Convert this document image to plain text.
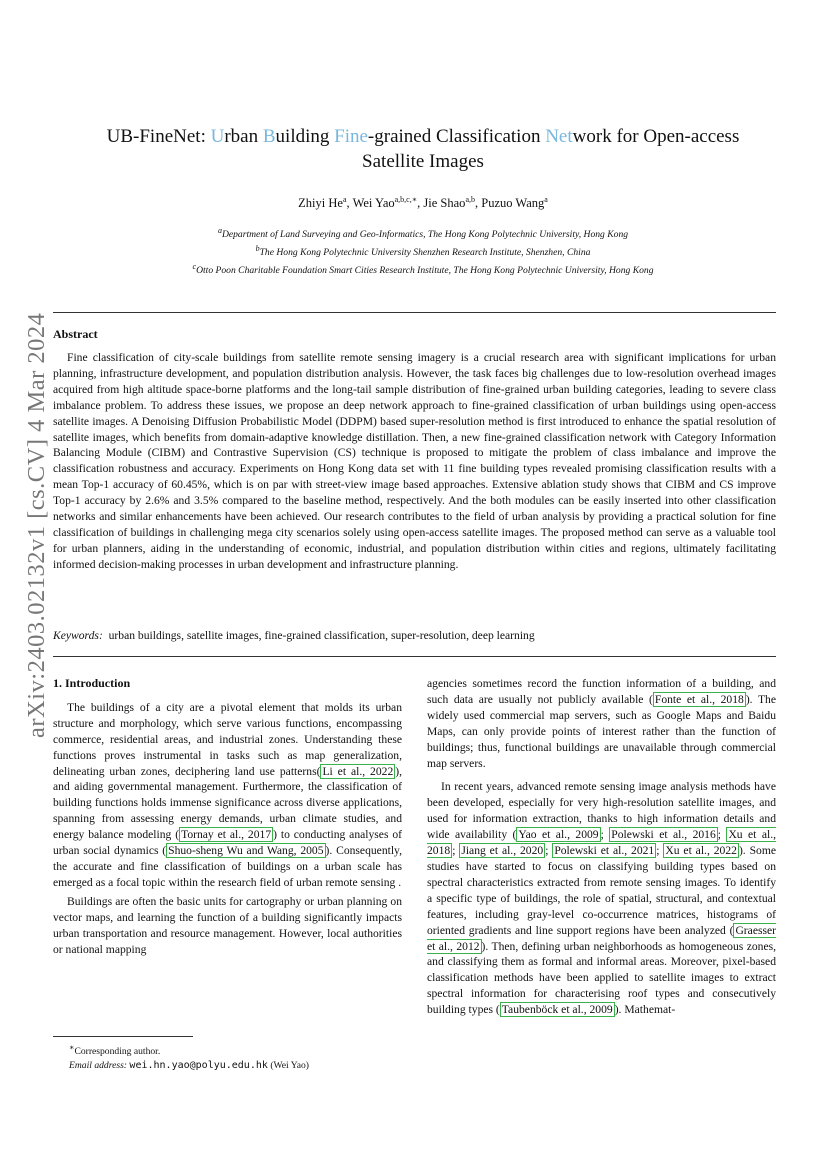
arXiv:2403.02132v1 [cs.CV] 4 Mar 2024
UB-FineNet: Urban Building Fine-grained Classification Network for Open-access
Satellite Images
Zhiyi He$^a$, Wei Yao$^{a,b,c,∗}$, Jie Shao$^{a,b}$, Puzuo Wang$^a$
$^a$Department of Land Surveying and Geo-Informatics, The Hong Kong Polytechnic University, Hong Kong
$^b$The Hong Kong Polytechnic University Shenzhen Research Institute, Shenzhen, China
$^c$Otto Poon Charitable Foundation Smart Cities Research Institute, The Hong Kong Polytechnic University, Hong Kong
Abstract
Fine classification of city-scale buildings from satellite remote sensing imagery is a crucial research area with significant implications for urban planning, infrastructure development, and population distribution analysis. However, the task faces big challenges due to low-resolution overhead images acquired from high altitude space-borne platforms and the long-tail sample distribution of fine-grained urban building categories, leading to severe class imbalance problem. To address these issues, we propose an deep network approach to fine-grained classification of urban buildings using open-access satellite images. A Denoising Diffusion Probabilistic Model (DDPM) based super-resolution method is first introduced to enhance the spatial resolution of satellite images, which benefits from domain-adaptive knowledge distillation. Then, a new fine-grained classification network with Category Information Balancing Module (CIBM) and Contrastive Supervision (CS) technique is proposed to mitigate the problem of class imbalance and improve the classification robustness and accuracy. Experiments on Hong Kong data set with 11 fine building types revealed promising classification results with a mean Top-1 accuracy of 60.45%, which is on par with street-view image based approaches. Extensive ablation study shows that CIBM and CS improve Top-1 accuracy by 2.6% and 3.5% compared to the baseline method, respectively. And the both modules can be easily inserted into other classification networks and similar enhancements have been achieved. Our research contributes to the field of urban analysis by providing a practical solution for fine classification of buildings in challenging mega city scenarios solely using open-access satellite images. The proposed method can serve as a valuable tool for urban planners, aiding in the understanding of economic, industrial, and population distribution within cities and regions, ultimately facilitating informed decision-making processes in urban development and infrastructure planning.
Keywords: urban buildings, satellite images, fine-grained classification, super-resolution, deep learning
1. Introduction

The buildings of a city are a pivotal element that molds its urban structure and morphology, which serve various functions, encompassing commerce, residential areas, and industrial zones. Understanding these functions proves instrumental in tasks such as map generalization, delineating urban zones, deciphering land use patterns( Li et al., 2022 ), and aiding governmental management. Furthermore, the classification of building functions holds immense significance across diverse applications, spanning from assessing energy demands, urban climate studies, and energy balance modeling ( Tornay et al., 2017 ) to conducting analyses of urban social dynamics ( Shuo-sheng Wu and Wang, 2005 ). Consequently, the accurate and fine classification of buildings on a urban scale has emerged as a focal topic within the research field of urban remote sensing .

Buildings are often the basic units for cartography or urban planning on vector maps, and learning the function of a building significantly impacts urban transportation and resource management. However, local authorities or national mapping

agencies sometimes record the function information of a building, and such data are usually not publicly available ( Fonte et al., 2018 ). The widely used commercial map servers, such as Google Maps and Baidu Maps, can only provide points of interest rather than the function of buildings; thus, functional buildings are unavailable through commercial map servers.

In recent years, advanced remote sensing image analysis methods have been developed, especially for very high-resolution satellite images, and used for information extraction, thanks to high information details and wide availability ( Yao et al., 2009 ; Polewski et al., 2016 ; Xu et al., 2018 ; Jiang et al., 2020 ; Polewski et al., 2021 ; Xu et al., 2022 ). Some studies have started to focus on classifying building types based on spectral characteristics extracted from remote sensing images. To identify a specific type of buildings, the role of spatial, structural, and contextual features, including gray-level co-occurrence matrices, histograms of oriented gradients and line support regions have been analyzed ( Graesser et al., 2012 ). Then, defining urban neighborhoods as homogeneous zones, and classifying them as formal and informal areas. Moreover, pixel-based classification methods have been applied to satellite images to extract spectral information for characterising roof types and consecutively building types ( Taubenböck et al., 2009 ). Mathemat-

∗Corresponding author.
Email address: wei.hn.yao@polyu.edu.hk (Wei Yao)
